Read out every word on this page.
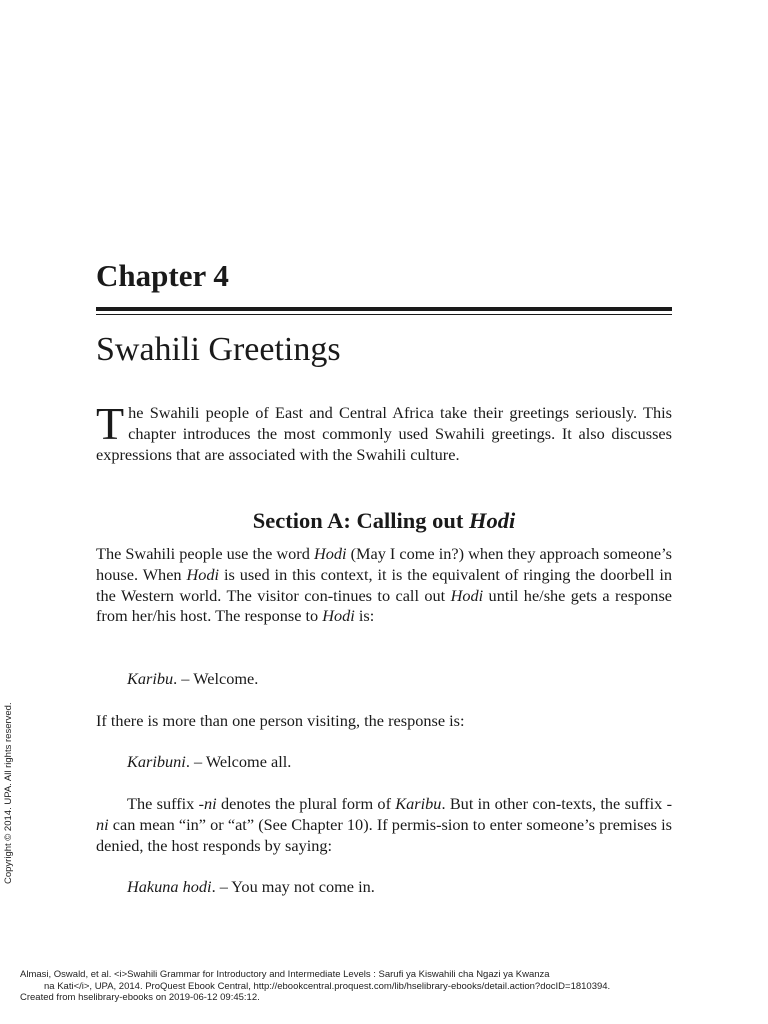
Chapter 4
Swahili Greetings

The Swahili people of East and Central Africa take their greetings seriously. This chapter introduces the most commonly used Swahili greetings. It also discusses expressions that are associated with the Swahili culture.

Section A: Calling out Hodi

The Swahili people use the word Hodi (May I come in?) when they approach someone’s house. When Hodi is used in this context, it is the equivalent of ringing the doorbell in the Western world. The visitor con-tinues to call out Hodi until he/she gets a response from her/his host. The response to Hodi is:

Karibu. – Welcome.

If there is more than one person visiting, the response is:

Karibuni. – Welcome all.

The suffix -ni denotes the plural form of Karibu. But in other con-texts, the suffix -ni can mean “in” or “at” (See Chapter 10). If permis-sion to enter someone’s premises is denied, the host responds by saying:

Hakuna hodi. – You may not come in.

Copyright © 2014. UPA. All rights reserved.
Almasi, Oswald, et al. <i>Swahili Grammar for Introductory and Intermediate Levels : Sarufi ya Kiswahili cha Ngazi ya Kwanza
na Kati</i>, UPA, 2014. ProQuest Ebook Central, http://ebookcentral.proquest.com/lib/hselibrary-ebooks/detail.action?docID=1810394.
Created from hselibrary-ebooks on 2019-06-12 09:45:12.
